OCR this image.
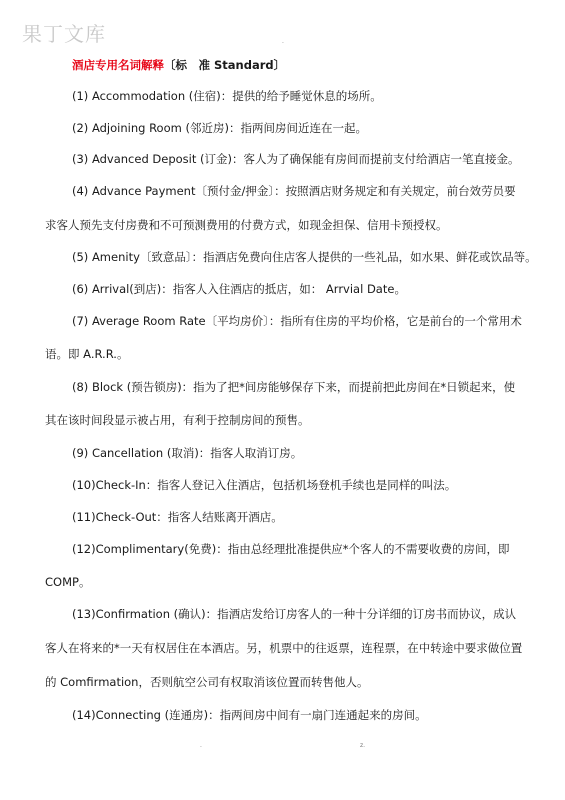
果丁文库	.
酒店专用名词解释〔标　准 Standard〕
(1) Accommodation (住宿)：提供的给予睡觉休息的场所。
(2) Adjoining Room (邻近房)：指两间房间近连在一起。
(3) Advanced Deposit (订金)：客人为了确保能有房间而提前支付给酒店一笔直接金。
(4) Advance Payment〔预付金/押金〕：按照酒店财务规定和有关规定，前台效劳员要
求客人预先支付房费和不可预测费用的付费方式，如现金担保、信用卡预授权。
(5) Amenity〔致意品〕：指酒店免费向住店客人提供的一些礼品，如水果、鲜花或饮品等。
(6) Arrival(到店)：指客人入住酒店的抵店，如： Arrvial Date。
(7) Average Room Rate〔平均房价〕：指所有住房的平均价格，它是前台的一个常用术
语。即 A.R.R.。
(8) Block (预告锁房)：指为了把*间房能够保存下来，而提前把此房间在*日锁起来，使
其在该时间段显示被占用，有利于控制房间的预售。
(9) Cancellation (取消)：指客人取消订房。
(10)Check-In：指客人登记入住酒店，包括机场登机手续也是同样的叫法。
(11)Check-Out：指客人结账离开酒店。
(12)Complimentary(免费)：指由总经理批准提供应*个客人的不需要收费的房间，即
COMP。
(13)Confirmation (确认)：指酒店发给订房客人的一种十分详细的订房书而协议，成认
客人在将来的*一天有权居住在本酒店。另，机票中的往返票，连程票，在中转途中要求做位置
的 Comfirmation，否则航空公司有权取消该位置而转售他人。
(14)Connecting (连通房)：指两间房中间有一扇门连通起来的房间。
.	z.
